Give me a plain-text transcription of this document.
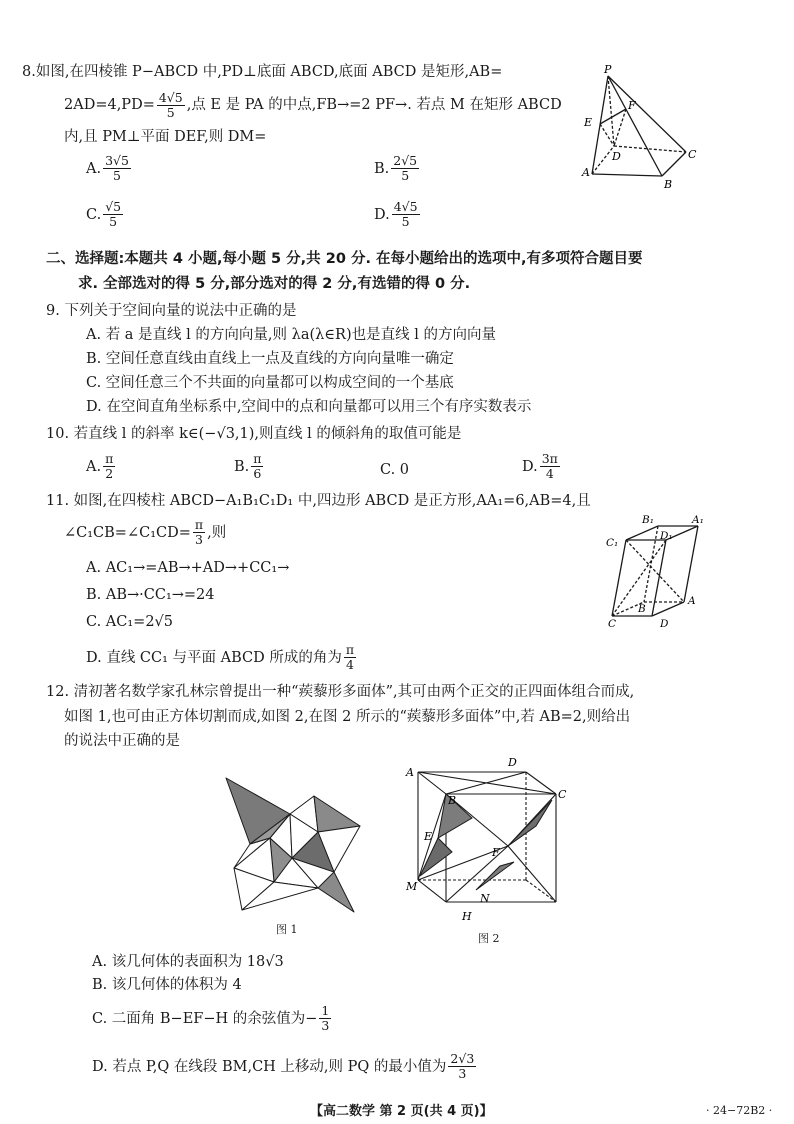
8.如图,在四棱锥 P−ABCD 中,PD⊥底面 ABCD,底面 ABCD 是矩形,AB=
$2AD=4,PD= \frac{4√5}{5}$ ,点 E 是 PA 的中点, FB→=2 PF→ . 若点 M 在矩形 ABCD
内,且 PM⊥平面 DEF,则 DM=
A. $\frac{3√5}{5}$	B. $\frac{2√5}{5}$
C. $\frac{√5}{5}$	D. $\frac{4√5}{5}$
P
E
F
D	C
A
B
二、选择题:本题共 4 小题,每小题 5 分,共 20 分. 在每小题给出的选项中,有多项符合题目要
求. 全部选对的得 5 分,部分选对的得 2 分,有选错的得 0 分.
9. 下列关于空间向量的说法中正确的是
A. 若 a 是直线 l 的方向向量,则 λa(λ∈R)也是直线 l 的方向向量
B. 空间任意直线由直线上一点及直线的方向向量唯一确定
C. 空间任意三个不共面的向量都可以构成空间的一个基底
D. 在空间直角坐标系中,空间中的点和向量都可以用三个有序实数表示
10. 若直线 l 的斜率 k∈(−√3,1),则直线 l 的倾斜角的取值可能是
A. $\frac{\pi}{2}$	B. $\frac{\pi}{6}$	C. 0	D. $\frac{3\pi}{4}$
11. 如图,在四棱柱 ABCD−A₁B₁C₁D₁ 中,四边形 ABCD 是正方形,AA₁=6,AB=4,且
∠C₁CB=∠C₁CD= $\frac{\pi}{3}$ ,则
A. AC₁→=AB→+AD→+CC₁→
B. AB→·CC₁→=24
C. AC₁=2√5
D. 直线 CC₁ 与平面 ABCD 所成的角为 $\frac{\pi}{4}$
B₁	A₁
C₁
D₁
B
A
C	D
12. 清初著名数学家孔林宗曾提出一种“蒺藜形多面体”,其可由两个正交的正四面体组合而成,
如图 1,也可由正方体切割而成,如图 2,在图 2 所示的“蒺藜形多面体”中,若 AB=2,则给出
的说法中正确的是
图 1
A
D
B	C
E
F
M
N
H
图 2
A. 该几何体的表面积为 18√3
B. 该几何体的体积为 4
C. 二面角 B−EF−H 的余弦值为− $\frac{1}{3}$
D. 若点 P,Q 在线段 BM,CH 上移动,则 PQ 的最小值为 $\frac{2√3}{3}$
【高二数学 第 2 页(共 4 页)】	· 24−72B2 ·
